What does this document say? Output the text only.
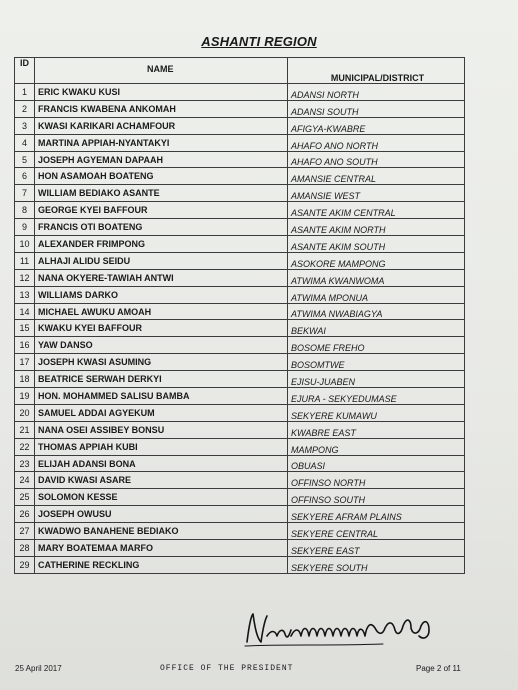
ASHANTI REGION
ID	NAME	MUNICIPAL/DISTRICT
1	ERIC KWAKU KUSI	ADANSI NORTH
2	FRANCIS KWABENA ANKOMAH	ADANSI SOUTH
3	KWASI KARIKARI ACHAMFOUR	AFIGYA-KWABRE
4	MARTINA APPIAH-NYANTAKYI	AHAFO ANO NORTH
5	JOSEPH AGYEMAN DAPAAH	AHAFO ANO SOUTH
6	HON ASAMOAH BOATENG	AMANSIE CENTRAL
7	WILLIAM BEDIAKO ASANTE	AMANSIE WEST
8	GEORGE KYEI BAFFOUR	ASANTE AKIM CENTRAL
9	FRANCIS OTI BOATENG	ASANTE AKIM NORTH
10	ALEXANDER FRIMPONG	ASANTE AKIM SOUTH
11	ALHAJI ALIDU SEIDU	ASOKORE MAMPONG
12	NANA OKYERE-TAWIAH ANTWI	ATWIMA KWANWOMA
13	WILLIAMS DARKO	ATWIMA MPONUA
14	MICHAEL AWUKU AMOAH	ATWIMA NWABIAGYA
15	KWAKU KYEI BAFFOUR	BEKWAI
16	YAW DANSO	BOSOME FREHO
17	JOSEPH KWASI ASUMING	BOSOMTWE
18	BEATRICE SERWAH DERKYI	EJISU-JUABEN
19	HON. MOHAMMED SALISU BAMBA	EJURA - SEKYEDUMASE
20	SAMUEL ADDAI AGYEKUM	SEKYERE KUMAWU
21	NANA OSEI ASSIBEY BONSU	KWABRE EAST
22	THOMAS APPIAH KUBI	MAMPONG
23	ELIJAH ADANSI BONA	OBUASI
24	DAVID KWASI ASARE	OFFINSO NORTH
25	SOLOMON KESSE	OFFINSO SOUTH
26	JOSEPH OWUSU	SEKYERE AFRAM PLAINS
27	KWADWO BANAHENE BEDIAKO	SEKYERE CENTRAL
28	MARY BOATEMAA MARFO	SEKYERE EAST
29	CATHERINE RECKLING	SEKYERE SOUTH
25 April 2017	OFFICE OF THE PRESIDENT	Page 2 of 11
